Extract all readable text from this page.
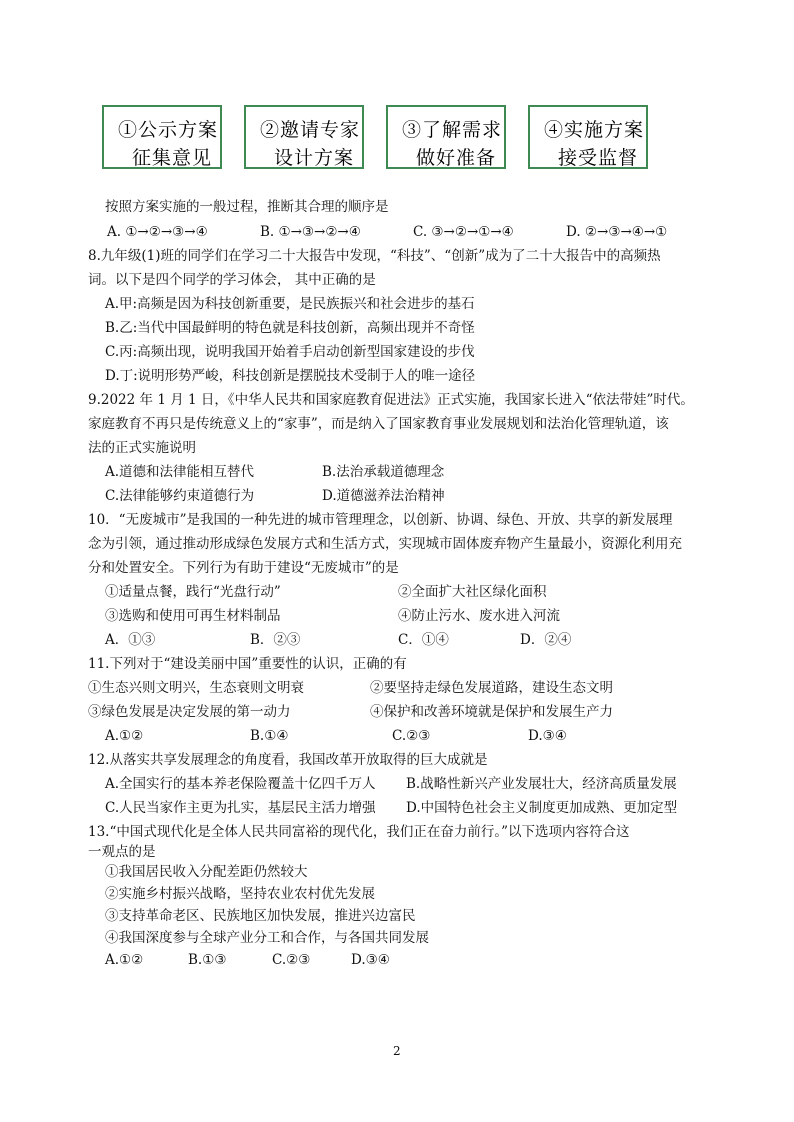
①公示方案
征集意见
②邀请专家
设计方案
③了解需求
做好准备
④实施方案
接受监督
按照方案实施的一般过程，推断其合理的顺序是
A. ①→②→③→④	B. ①→③→②→④	C. ③→②→①→④	D. ②→③→④→①
8.九年级(1)班的同学们在学习二十大报告中发现，“科技”、“创新”成为了二十大报告中的高频热
词。以下是四个同学的学习体会， 其中正确的是
A.甲:高频是因为科技创新重要，是民族振兴和社会进步的基石
B.乙:当代中国最鲜明的特色就是科技创新，高频出现并不奇怪
C.丙:高频出现，说明我国开始着手启动创新型国家建设的步伐
D.丁:说明形势严峻，科技创新是摆脱技术受制于人的唯一途径
9.2022 年 1 月 1 日，《中华人民共和国家庭教育促进法》正式实施，我国家长进入“依法带娃”时代。
家庭教育不再只是传统意义上的“家事”，而是纳入了国家教育事业发展规划和法治化管理轨道，该
法的正式实施说明
A.道德和法律能相互替代	B.法治承载道德理念
C.法律能够约束道德行为	D.道德滋养法治精神
10．“无废城市”是我国的一种先进的城市管理理念，以创新、协调、绿色、开放、共享的新发展理
念为引领，通过推动形成绿色发展方式和生活方式，实现城市固体废弃物产生量最小，资源化利用充
分和处置安全。下列行为有助于建设“无废城市”的是
①适量点餐，践行“光盘行动”	②全面扩大社区绿化面积
③选购和使用可再生材料制品	④防止污水、废水进入河流
A．①③	B．②③	C．①④	D．②④
11.下列对于“建设美丽中国”重要性的认识，正确的有
①生态兴则文明兴，生态衰则文明衰	②要坚持走绿色发展道路，建设生态文明
③绿色发展是决定发展的第一动力	④保护和改善环境就是保护和发展生产力
A.①②	B.①④	C.②③	D.③④
12.从落实共享发展理念的角度看，我国改革开放取得的巨大成就是
A.全国实行的基本养老保险覆盖十亿四千万人 B.战略性新兴产业发展壮大，经济高质量发展
C.人民当家作主更为扎实，基层民主活力增强 D.中国特色社会主义制度更加成熟、更加定型
13.“中国式现代化是全体人民共同富裕的现代化，我们正在奋力前行。”以下选项内容符合这
一观点的是
①我国居民收入分配差距仍然较大
②实施乡村振兴战略，坚持农业农村优先发展
③支持革命老区、民族地区加快发展，推进兴边富民
④我国深度参与全球产业分工和合作，与各国共同发展
A.①②	B.①③	C.②③	D.③④
2
